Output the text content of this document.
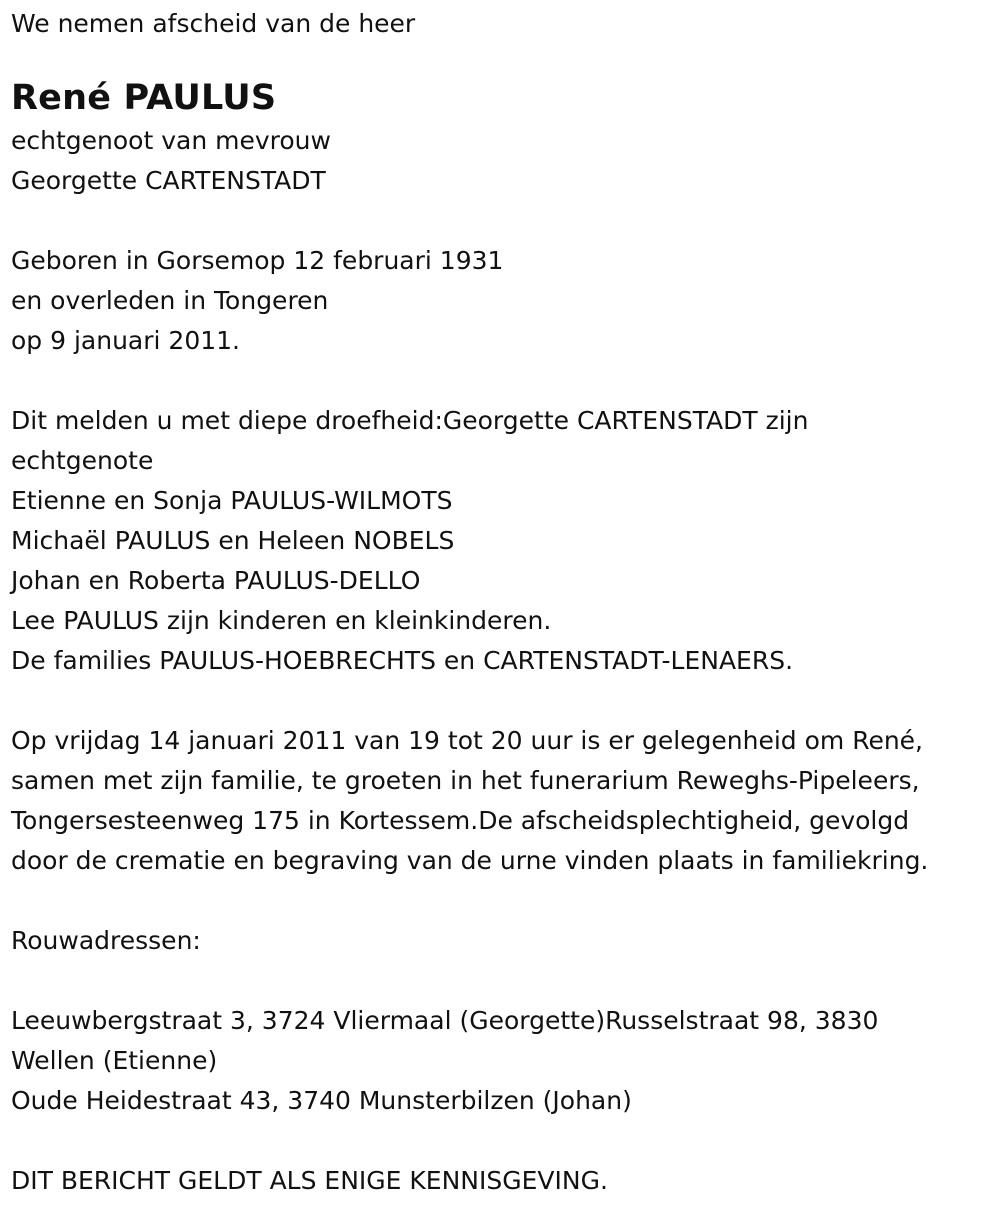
We nemen afscheid van de heer

René PAULUS

echtgenoot van mevrouw

Georgette CARTENSTADT

Geboren in Gorsemop 12 februari 1931

en overleden in Tongeren

op 9 januari 2011.

Dit melden u met diepe droefheid:Georgette CARTENSTADT zijn

echtgenote

Etienne en Sonja PAULUS-WILMOTS

Michaël PAULUS en Heleen NOBELS

Johan en Roberta PAULUS-DELLO

Lee PAULUS zijn kinderen en kleinkinderen.

De families PAULUS-HOEBRECHTS en CARTENSTADT-LENAERS.

Op vrijdag 14 januari 2011 van 19 tot 20 uur is er gelegenheid om René,

samen met zijn familie, te groeten in het funerarium Reweghs-Pipeleers,

Tongersesteenweg 175 in Kortessem.De afscheidsplechtigheid, gevolgd

door de crematie en begraving van de urne vinden plaats in familiekring.

Rouwadressen:

Leeuwbergstraat 3, 3724 Vliermaal (Georgette)Russelstraat 98, 3830

Wellen (Etienne)

Oude Heidestraat 43, 3740 Munsterbilzen (Johan)

DIT BERICHT GELDT ALS ENIGE KENNISGEVING.
